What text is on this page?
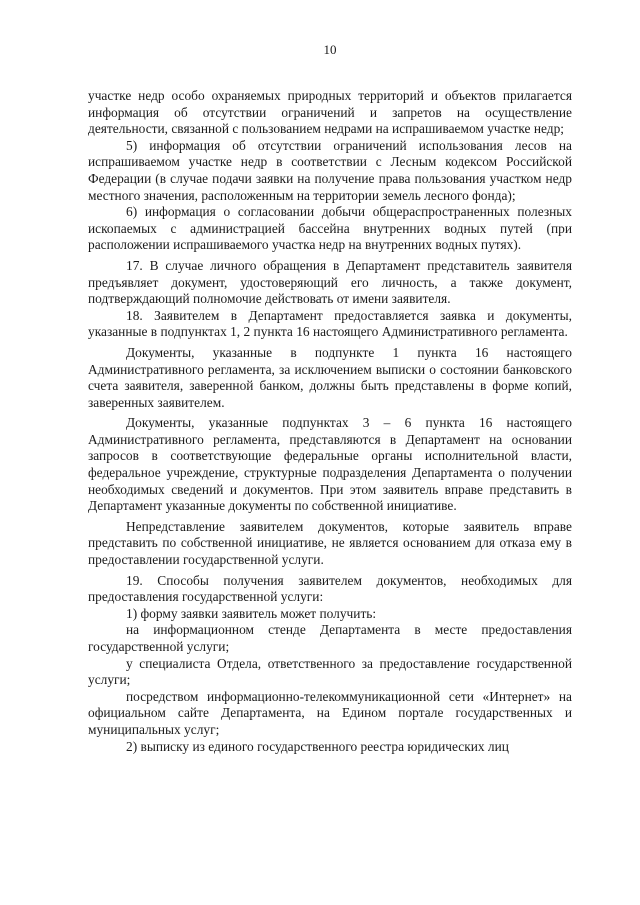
10

участке недр особо охраняемых природных территорий и объектов прилагается информация об отсутствии ограничений и запретов на осуществление деятельности, связанной с пользованием недрами на испрашиваемом участке недр;

5) информация об отсутствии ограничений использования лесов на испрашиваемом участке недр в соответствии с Лесным кодексом Российской Федерации (в случае подачи заявки на получение права пользования участком недр местного значения, расположенным на территории земель лесного фонда);

6) информация о согласовании добычи общераспространенных полезных ископаемых с администрацией бассейна внутренних водных путей (при расположении испрашиваемого участка недр на внутренних водных путях).

17. В случае личного обращения в Департамент представитель заявителя предъявляет документ, удостоверяющий его личность, а также документ, подтверждающий полномочие действовать от имени заявителя.

18. Заявителем в Департамент предоставляется заявка и документы, указанные в подпунктах 1, 2 пункта 16 настоящего Административного регламента.

Документы, указанные в подпункте 1 пункта 16 настоящего Административного регламента, за исключением выписки о состоянии банковского счета заявителя, заверенной банком, должны быть представлены в форме копий, заверенных заявителем.

Документы, указанные подпунктах 3 – 6 пункта 16 настоящего Административного регламента, представляются в Департамент на основании запросов в соответствующие федеральные органы исполнительной власти, федеральное учреждение, структурные подразделения Департамента о получении необходимых сведений и документов. При этом заявитель вправе представить в Департамент указанные документы по собственной инициативе.

Непредставление заявителем документов, которые заявитель вправе представить по собственной инициативе, не является основанием для отказа ему в предоставлении государственной услуги.

19. Способы получения заявителем документов, необходимых для предоставления государственной услуги:

1) форму заявки заявитель может получить:

на информационном стенде Департамента в месте предоставления государственной услуги;

у специалиста Отдела, ответственного за предоставление государственной услуги;

посредством информационно-телекоммуникационной сети «Интернет» на официальном сайте Департамента, на Едином портале государственных и муниципальных услуг;

2) выписку из единого государственного реестра юридических лиц
